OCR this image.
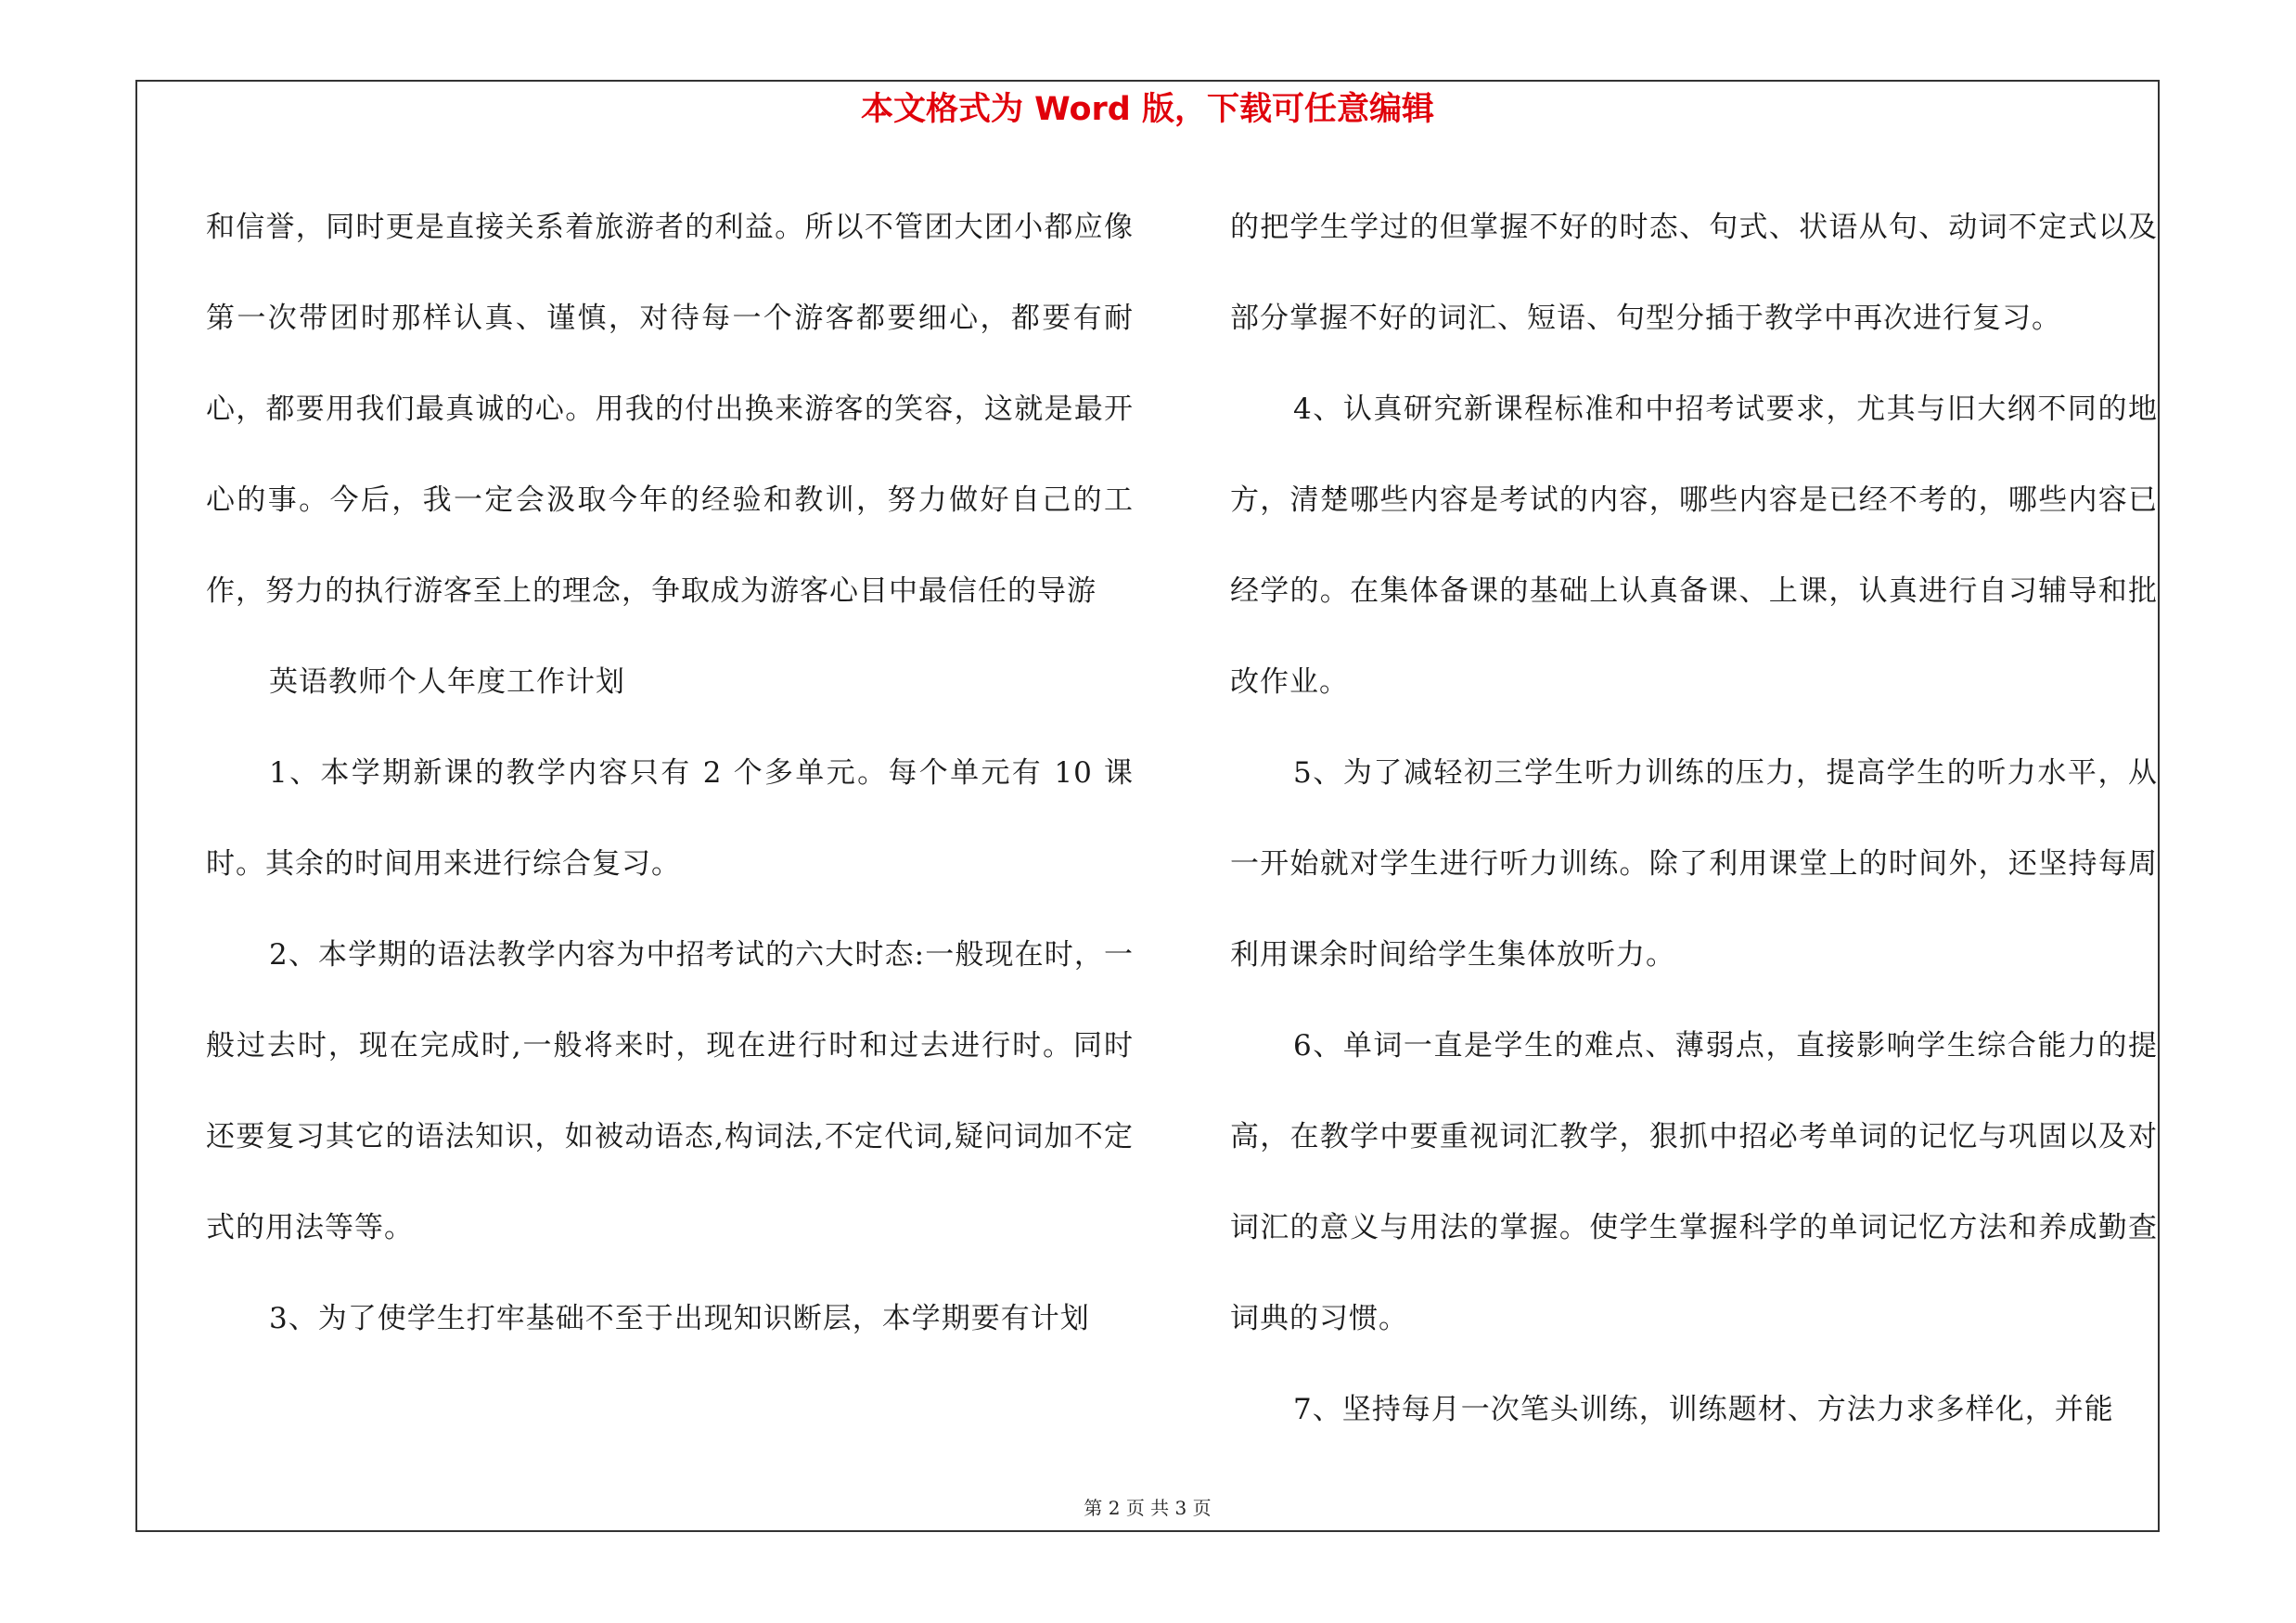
本文格式为 Word 版，下载可任意编辑

和信誉，同时更是直接关系着旅游者的利益。所以不管团大团小都应像第一次带团时那样认真、谨慎，对待每一个游客都要细心，都要有耐心，都要用我们最真诚的心。用我的付出换来游客的笑容，这就是最开心的事。今后，我一定会汲取今年的经验和教训，努力做好自己的工作，努力的执行游客至上的理念，争取成为游客心目中最信任的导游

英语教师个人年度工作计划

1、本学期新课的教学内容只有 2 个多单元。每个单元有 10 课时。其余的时间用来进行综合复习。

2、本学期的语法教学内容为中招考试的六大时态:一般现在时，一般过去时，现在完成时,一般将来时，现在进行时和过去进行时。同时还要复习其它的语法知识，如被动语态,构词法,不定代词,疑问词加不定式的用法等等。

3、为了使学生打牢基础不至于出现知识断层，本学期要有计划

的把学生学过的但掌握不好的时态、句式、状语从句、动词不定式以及部分掌握不好的词汇、短语、句型分插于教学中再次进行复习。

4、认真研究新课程标准和中招考试要求，尤其与旧大纲不同的地方，清楚哪些内容是考试的内容，哪些内容是已经不考的，哪些内容已经学的。在集体备课的基础上认真备课、上课，认真进行自习辅导和批改作业。

5、为了减轻初三学生听力训练的压力，提高学生的听力水平，从一开始就对学生进行听力训练。除了利用课堂上的时间外，还坚持每周利用课余时间给学生集体放听力。

6、单词一直是学生的难点、薄弱点，直接影响学生综合能力的提高，在教学中要重视词汇教学，狠抓中招必考单词的记忆与巩固以及对词汇的意义与用法的掌握。使学生掌握科学的单词记忆方法和养成勤查词典的习惯。

7、坚持每月一次笔头训练，训练题材、方法力求多样化，并能

第 2 页 共 3 页
